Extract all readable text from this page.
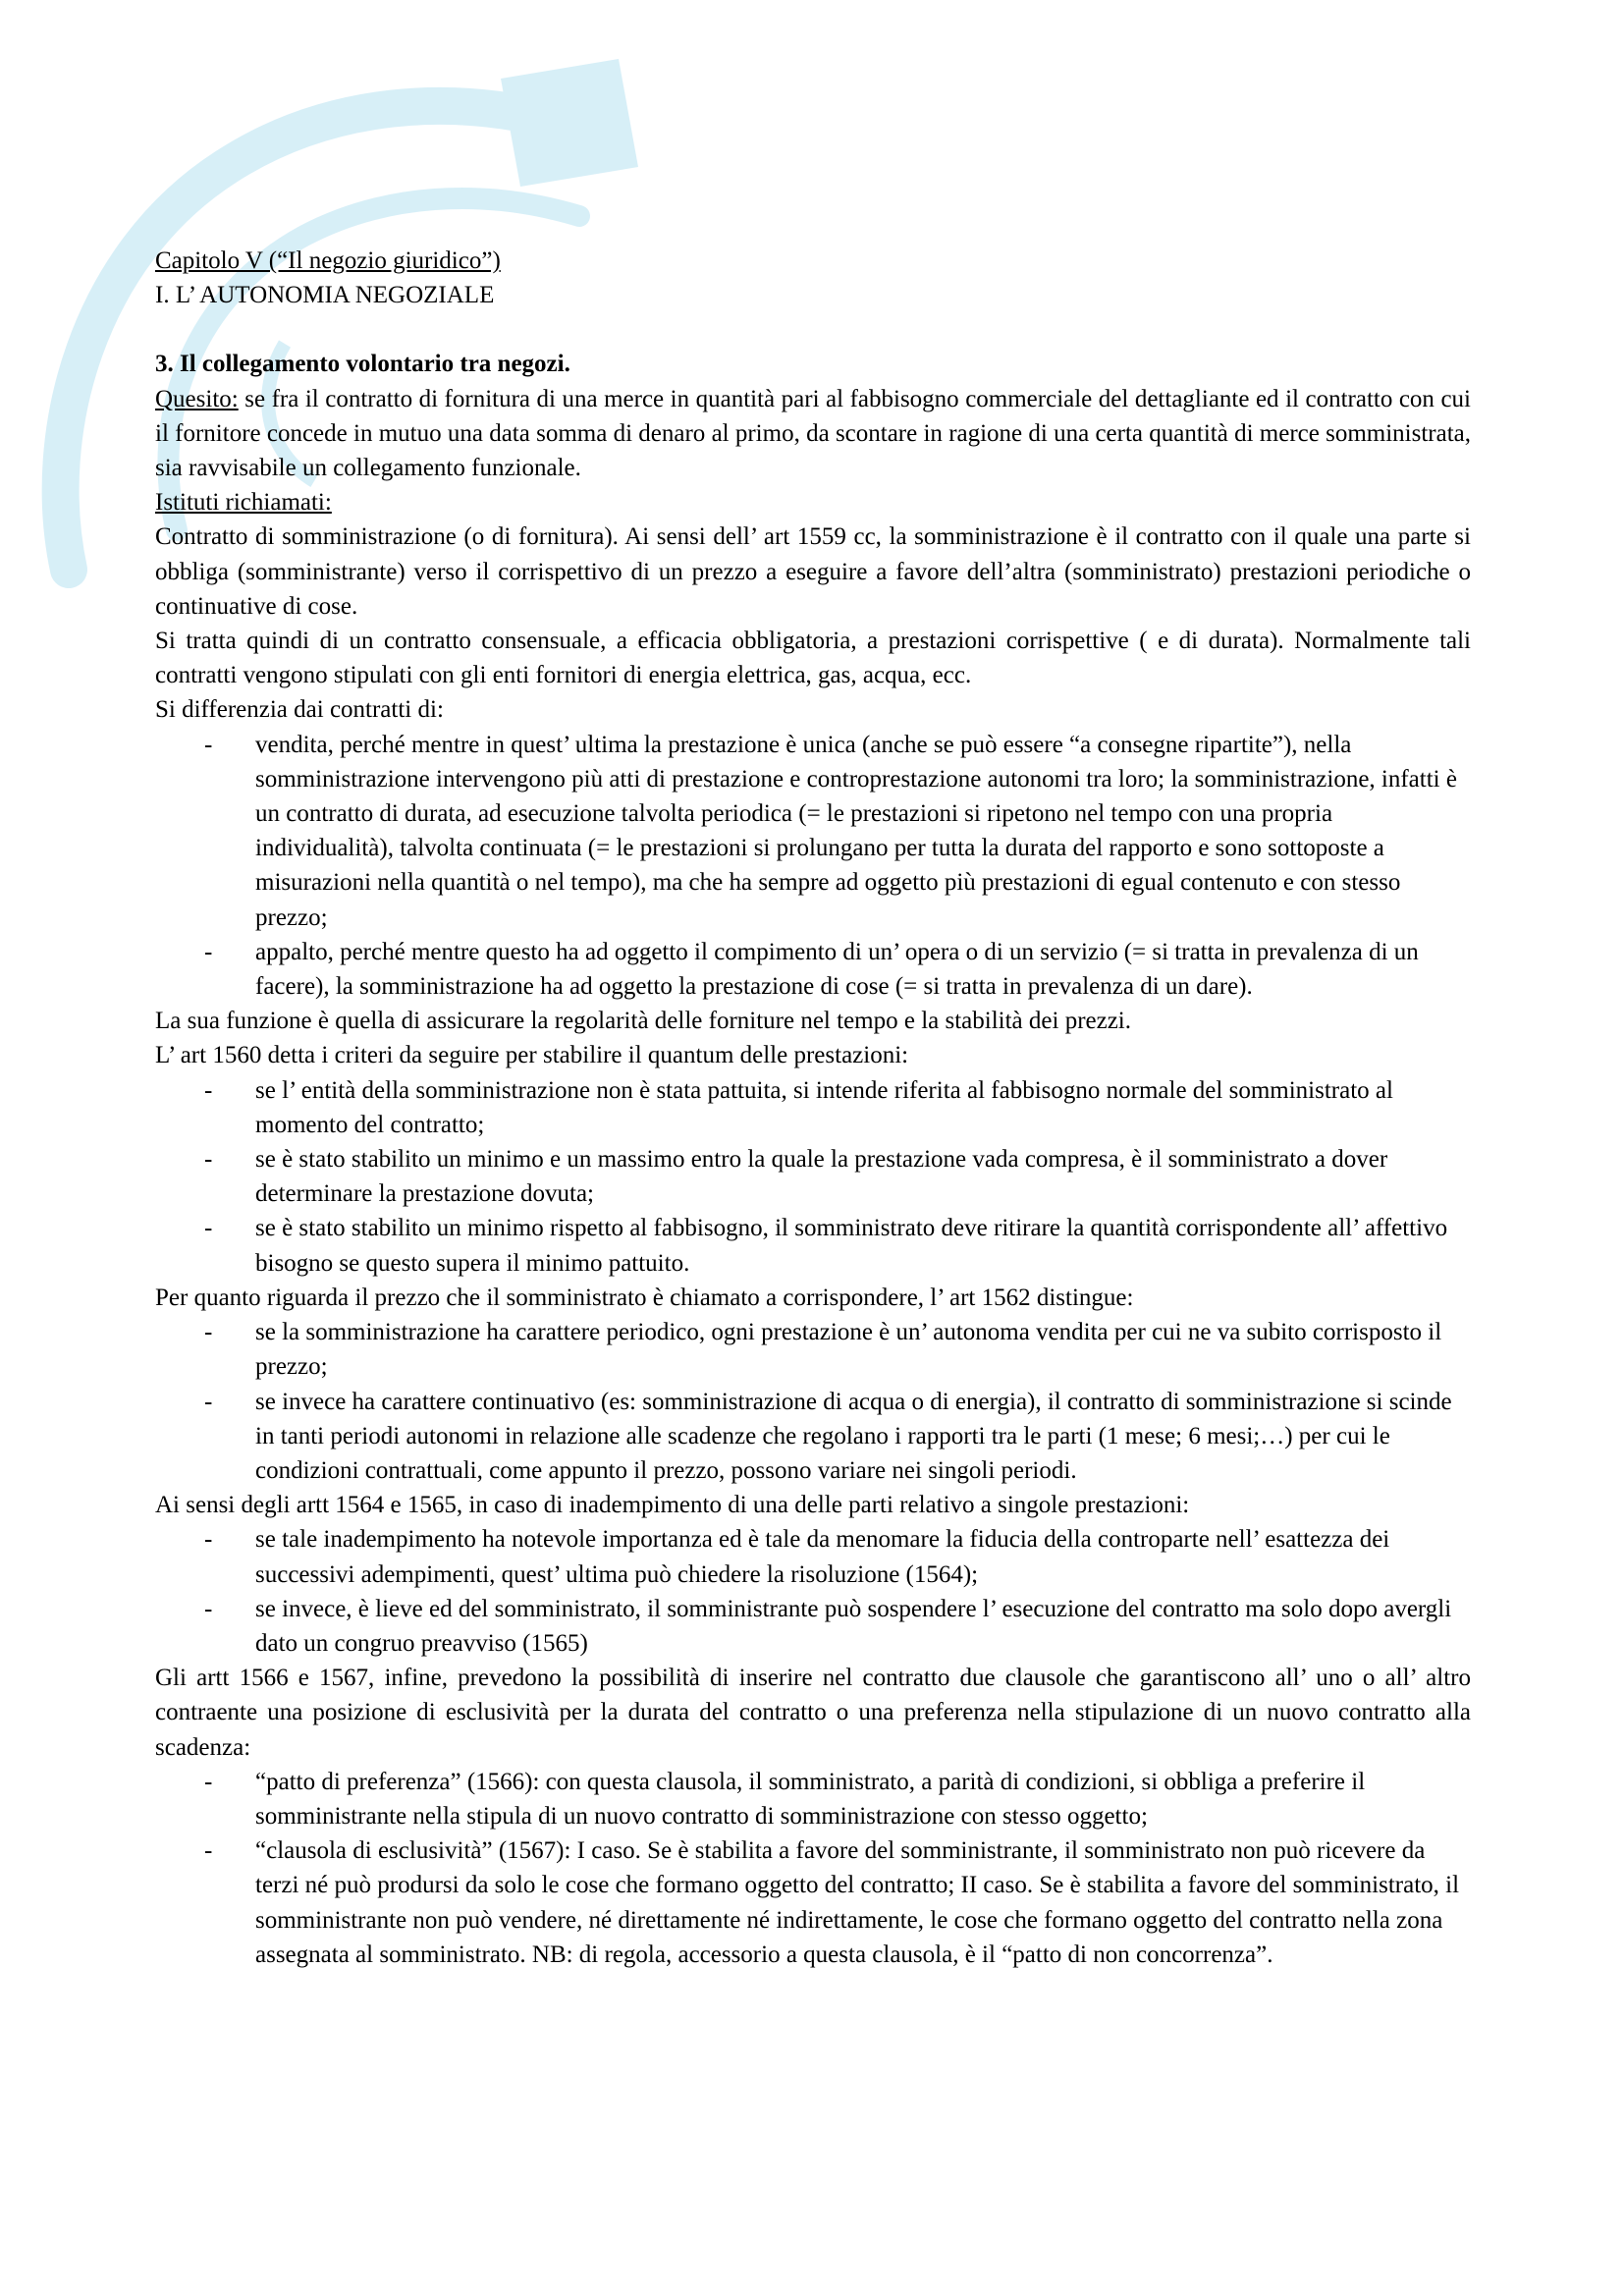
Capitolo V (“Il negozio giuridico”)
I. L’ AUTONOMIA NEGOZIALE
3. Il collegamento volontario tra negozi.

Quesito: se fra il contratto di fornitura di una merce in quantità pari al fabbisogno commerciale del dettagliante ed il contratto con cui il fornitore concede in mutuo una data somma di denaro al primo, da scontare in ragione di una certa quantità di merce somministrata, sia ravvisabile un collegamento funzionale.

Istituti richiamati:

Contratto di somministrazione (o di fornitura). Ai sensi dell’ art 1559 cc, la somministrazione è il contratto con il quale una parte si obbliga (somministrante) verso il corrispettivo di un prezzo a eseguire a favore dell’altra (somministrato) prestazioni periodiche o continuative di cose.

Si tratta quindi di un contratto consensuale, a efficacia obbligatoria, a prestazioni corrispettive ( e di durata). Normalmente tali contratti vengono stipulati con gli enti fornitori di energia elettrica, gas, acqua, ecc.

Si differenzia dai contratti di:

- vendita, perché mentre in quest’ ultima la prestazione è unica (anche se può essere “a consegne ripartite”), nella somministrazione intervengono più atti di prestazione e controprestazione autonomi tra loro; la somministrazione, infatti è un contratto di durata, ad esecuzione talvolta periodica (= le prestazioni si ripetono nel tempo con una propria individualità), talvolta continuata (= le prestazioni si prolungano per tutta la durata del rapporto e sono sottoposte a misurazioni nella quantità o nel tempo), ma che ha sempre ad oggetto più prestazioni di egual contenuto e con stesso prezzo;
- appalto, perché mentre questo ha ad oggetto il compimento di un’ opera o di un servizio (= si tratta in prevalenza di un facere), la somministrazione ha ad oggetto la prestazione di cose (= si tratta in prevalenza di un dare).

La sua funzione è quella di assicurare la regolarità delle forniture nel tempo e la stabilità dei prezzi.

L’ art 1560 detta i criteri da seguire per stabilire il quantum delle prestazioni:

- se l’ entità della somministrazione non è stata pattuita, si intende riferita al fabbisogno normale del somministrato al momento del contratto;
- se è stato stabilito un minimo e un massimo entro la quale la prestazione vada compresa, è il somministrato a dover determinare la prestazione dovuta;
- se è stato stabilito un minimo rispetto al fabbisogno, il somministrato deve ritirare la quantità corrispondente all’ affettivo bisogno se questo supera il minimo pattuito.

Per quanto riguarda il prezzo che il somministrato è chiamato a corrispondere, l’ art 1562 distingue:

- se la somministrazione ha carattere periodico, ogni prestazione è un’ autonoma vendita per cui ne va subito corrisposto il prezzo;
- se invece ha carattere continuativo (es: somministrazione di acqua o di energia), il contratto di somministrazione si scinde in tanti periodi autonomi in relazione alle scadenze che regolano i rapporti tra le parti (1 mese; 6 mesi;…) per cui le condizioni contrattuali, come appunto il prezzo, possono variare nei singoli periodi.

Ai sensi degli artt 1564 e 1565, in caso di inadempimento di una delle parti relativo a singole prestazioni:

- se tale inadempimento ha notevole importanza ed è tale da menomare la fiducia della controparte nell’ esattezza dei successivi adempimenti, quest’ ultima può chiedere la risoluzione (1564);
- se invece, è lieve ed del somministrato, il somministrante può sospendere l’ esecuzione del contratto ma solo dopo avergli dato un congruo preavviso (1565)

Gli artt 1566 e 1567, infine, prevedono la possibilità di inserire nel contratto due clausole che garantiscono all’ uno o all’ altro contraente una posizione di esclusività per la durata del contratto o una preferenza nella stipulazione di un nuovo contratto alla scadenza:

- “patto di preferenza” (1566): con questa clausola, il somministrato, a parità di condizioni, si obbliga a preferire il somministrante nella stipula di un nuovo contratto di somministrazione con stesso oggetto;
- “clausola di esclusività” (1567): I caso. Se è stabilita a favore del somministrante, il somministrato non può ricevere da terzi né può prodursi da solo le cose che formano oggetto del contratto; II caso. Se è stabilita a favore del somministrato, il somministrante non può vendere, né direttamente né indirettamente, le cose che formano oggetto del contratto nella zona assegnata al somministrato. NB: di regola, accessorio a questa clausola, è il “patto di non concorrenza”.
